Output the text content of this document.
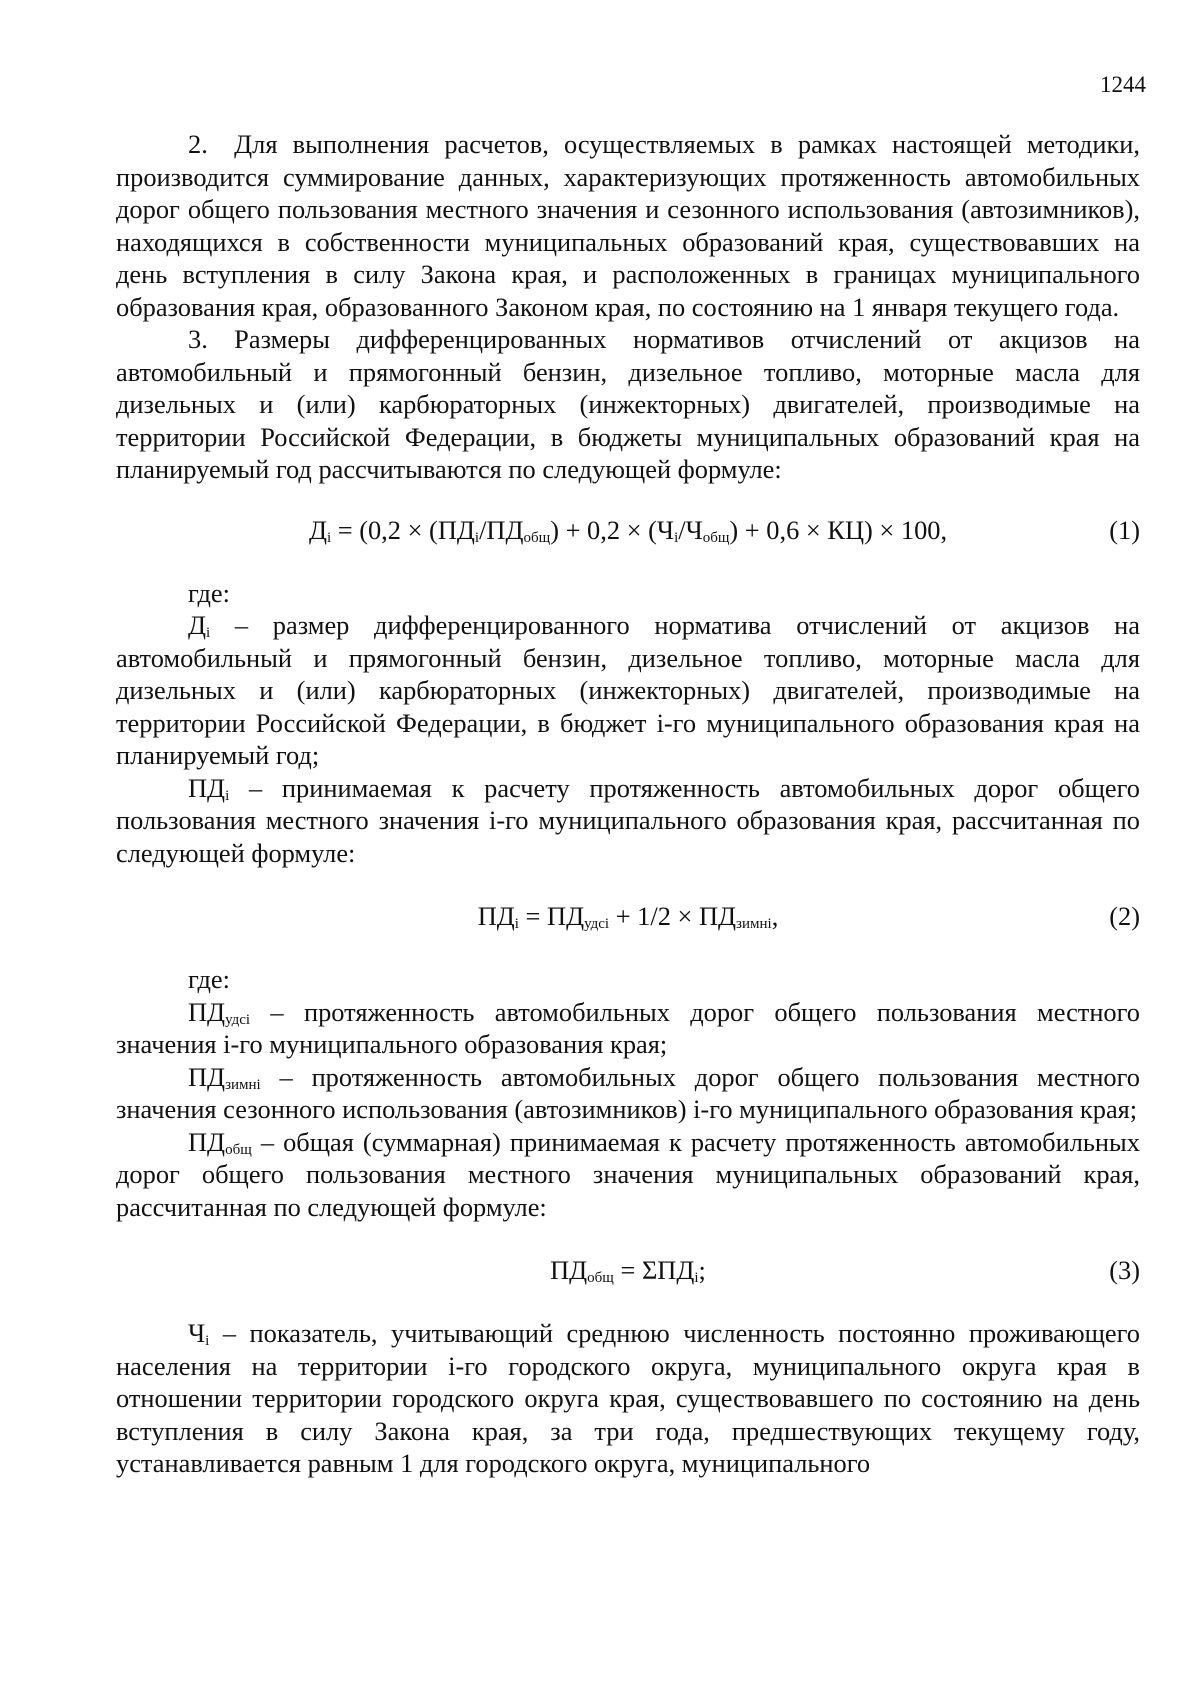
1244

2. Для выполнения расчетов, осуществляемых в рамках настоящей методики, производится суммирование данных, характеризующих протяженность автомобильных дорог общего пользования местного значения и сезонного использования (автозимников), находящихся в собственности муниципальных образований края, существовавших на день вступления в силу Закона края, и расположенных в границах муниципального образования края, образованного Законом края, по состоянию на 1 января текущего года.

3. Размеры дифференцированных нормативов отчислений от акцизов на автомобильный и прямогонный бензин, дизельное топливо, моторные масла для дизельных и (или) карбюраторных (инжекторных) двигателей, производимые на территории Российской Федерации, в бюджеты муниципальных образований края на планируемый год рассчитываются по следующей формуле:

$Д_i = (0,2 \times (ПД_i/ПД_{общ}) + 0,2 \times (Ч_i/Ч_{общ}) + 0,6 \times КЦ) \times 100$,	(1)

где:

$Д_i$ – размер дифференцированного норматива отчислений от акцизов на автомобильный и прямогонный бензин, дизельное топливо, моторные масла для дизельных и (или) карбюраторных (инжекторных) двигателей, производимые на территории Российской Федерации, в бюджет i-го муниципального образования края на планируемый год;

$ПД_i$ – принимаемая к расчету протяженность автомобильных дорог общего пользования местного значения i-го муниципального образования края, рассчитанная по следующей формуле:

$ПД_i = ПД_{удсі} + 1/2 \times ПД_{зимні}$,	(2)

где:

$ПД_{удсі}$ – протяженность автомобильных дорог общего пользования местного значения i-го муниципального образования края;

$ПД_{зимні}$ – протяженность автомобильных дорог общего пользования местного значения сезонного использования (автозимников) i-го муниципального образования края;

$ПД_{общ}$ – общая (суммарная) принимаемая к расчету протяженность автомобильных дорог общего пользования местного значения муниципальных образований края, рассчитанная по следующей формуле:

$ПД_{общ} = \Sigma ПД_i$;	(3)

$Ч_i$ – показатель, учитывающий среднюю численность постоянно проживающего населения на территории i-го городского округа, муниципального округа края в отношении территории городского округа края, существовавшего по состоянию на день вступления в силу Закона края, за три года, предшествующих текущему году, устанавливается равным 1 для городского округа, муниципального
